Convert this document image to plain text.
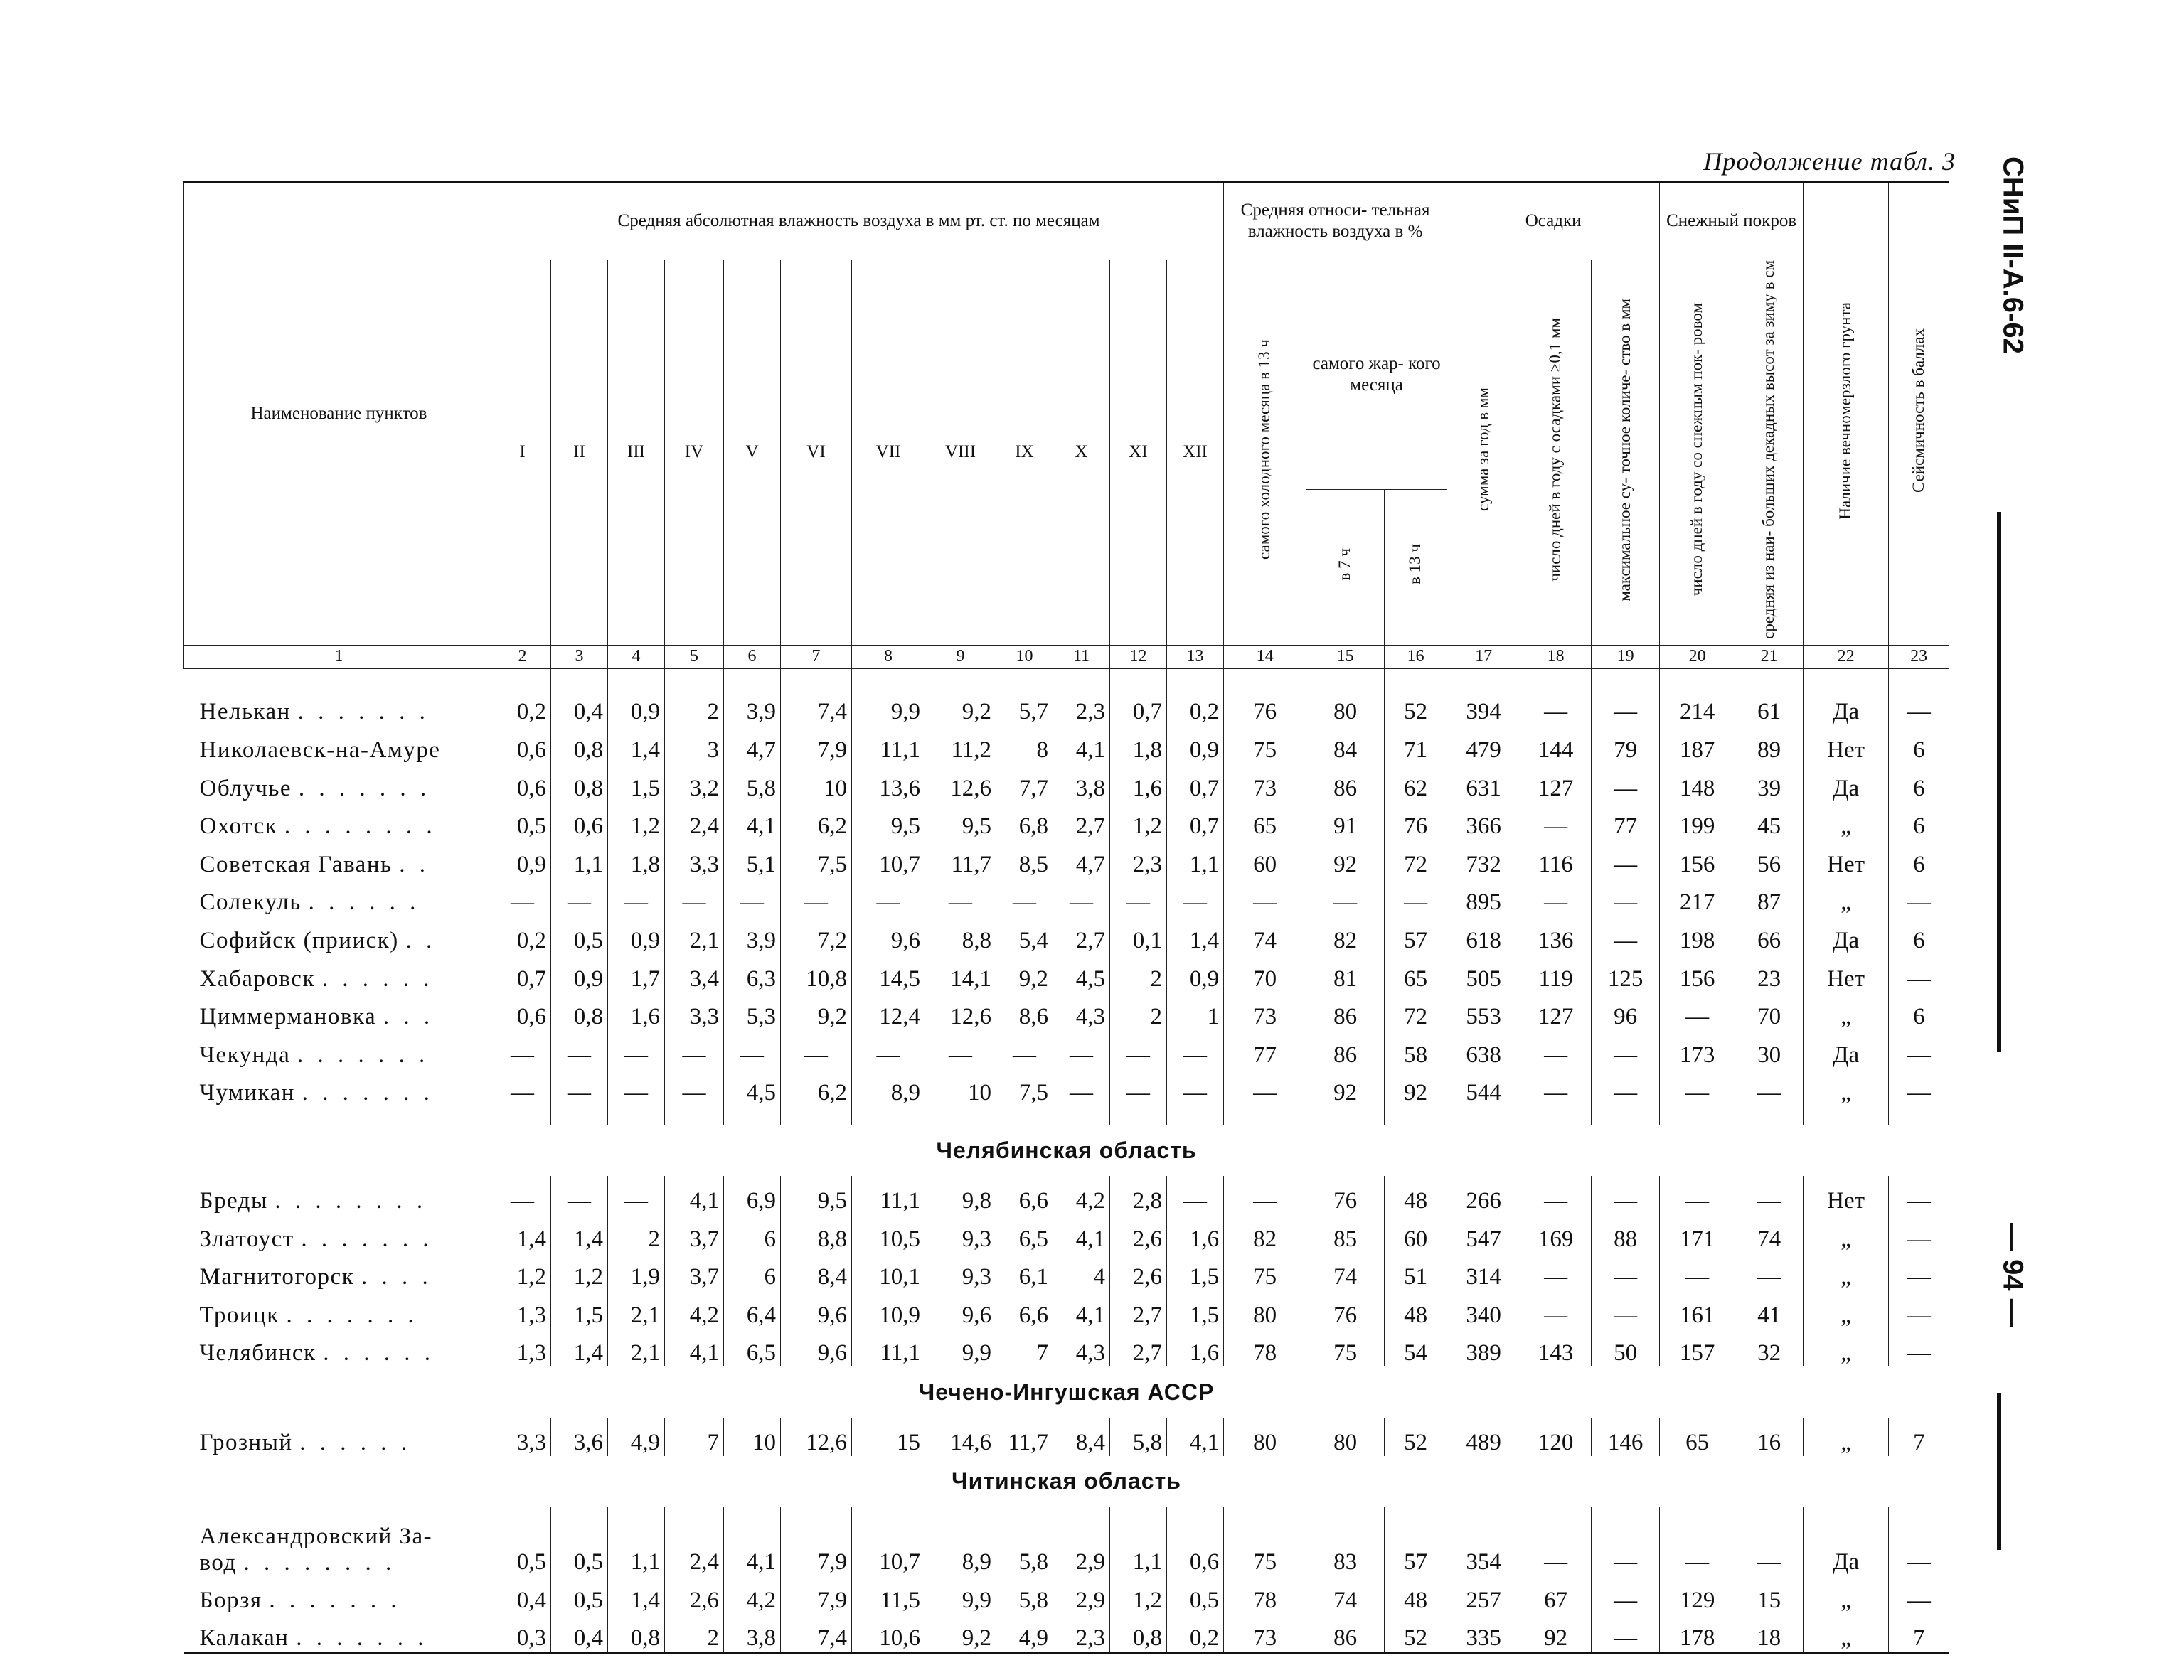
Продолжение табл. 3 СНиП II-А.6-62
— 94 —
Наименование пунктов	Средняя абсолютная влажность воздуха в мм рт. ст. по месяцам												Средняя относи- тельная влажность воздуха в %			Осадки			Снежный покров		Наличие вечномерзлого грунта	Сейсмичность в баллах
	I	II	III	IV	V	VI	VII	VIII	IX	X	XI	XII	самого холодного месяца в 13 ч	самого жар- кого месяца		сумма за год в мм	число дней в году с осадками ≥0,1 мм	максимальное су- точное количе- ство в мм	число дней в году со снежным пок- ровом	средняя из наи- больших декадных высот за зиму в см		
														в 7 ч	в 13 ч							
1	2	3	4	5	6	7	8	9	10	11	12	13	14	15	16	17	18	19	20	21	22	23

Нелькан . . . . . . .	0,2	0,4	0,9	2	3,9	7,4	9,9	9,2	5,7	2,3	0,7	0,2	76	80	52	394	—	—	214	61	Да	—
Николаевск-на-Амуре	0,6	0,8	1,4	3	4,7	7,9	11,1	11,2	8	4,1	1,8	0,9	75	84	71	479	144	79	187	89	Нет	6
Облучье . . . . . . .	0,6	0,8	1,5	3,2	5,8	10	13,6	12,6	7,7	3,8	1,6	0,7	73	86	62	631	127	—	148	39	Да	6
Охотск . . . . . . . .	0,5	0,6	1,2	2,4	4,1	6,2	9,5	9,5	6,8	2,7	1,2	0,7	65	91	76	366	—	77	199	45	„	6
Советская Гавань . .	0,9	1,1	1,8	3,3	5,1	7,5	10,7	11,7	8,5	4,7	2,3	1,1	60	92	72	732	116	—	156	56	Нет	6
Солекуль . . . . . .	—	—	—	—	—	—	—	—	—	—	—	—	—	—	—	895	—	—	217	87	„	—
Софийск (прииск) . .	0,2	0,5	0,9	2,1	3,9	7,2	9,6	8,8	5,4	2,7	0,1	1,4	74	82	57	618	136	—	198	66	Да	6
Хабаровск . . . . . .	0,7	0,9	1,7	3,4	6,3	10,8	14,5	14,1	9,2	4,5	2	0,9	70	81	65	505	119	125	156	23	Нет	—
Циммермановка . . .	0,6	0,8	1,6	3,3	5,3	9,2	12,4	12,6	8,6	4,3	2	1	73	86	72	553	127	96	—	70	„	6
Чекунда . . . . . . .	—	—	—	—	—	—	—	—	—	—	—	—	77	86	58	638	—	—	173	30	Да	—
Чумикан . . . . . . .	—	—	—	—	4,5	6,2	8,9	10	7,5	—	—	—	—	92	92	544	—	—	—	—	„	—

Челябинская область																						
Бреды . . . . . . . .	—	—	—	4,1	6,9	9,5	11,1	9,8	6,6	4,2	2,8	—	—	76	48	266	—	—	—	—	Нет	—
Златоуст . . . . . . .	1,4	1,4	2	3,7	6	8,8	10,5	9,3	6,5	4,1	2,6	1,6	82	85	60	547	169	88	171	74	„	—
Магнитогорск . . . .	1,2	1,2	1,9	3,7	6	8,4	10,1	9,3	6,1	4	2,6	1,5	75	74	51	314	—	—	—	—	„	—
Троицк . . . . . . .	1,3	1,5	2,1	4,2	6,4	9,6	10,9	9,6	6,6	4,1	2,7	1,5	80	76	48	340	—	—	161	41	„	—
Челябинск . . . . . .	1,3	1,4	2,1	4,1	6,5	9,6	11,1	9,9	7	4,3	2,7	1,6	78	75	54	389	143	50	157	32	„	—
Чечено-Ингушская АССР																						
Грозный . . . . . .	3,3	3,6	4,9	7	10	12,6	15	14,6	11,7	8,4	5,8	4,1	80	80	52	489	120	146	65	16	„	7
Читинская область																						

Александровский За-
вод . . . . . . . .	0,5	0,5	1,1	2,4	4,1	7,9	10,7	8,9	5,8	2,9	1,1	0,6	75	83	57	354	—	—	—	—	Да	—
Борзя . . . . . . .	0,4	0,5	1,4	2,6	4,2	7,9	11,5	9,9	5,8	2,9	1,2	0,5	78	74	48	257	67	—	129	15	„	—
Калакан . . . . . . .	0,3	0,4	0,8	2	3,8	7,4	10,6	9,2	4,9	2,3	0,8	0,2	73	86	52	335	92	—	178	18	„	7
